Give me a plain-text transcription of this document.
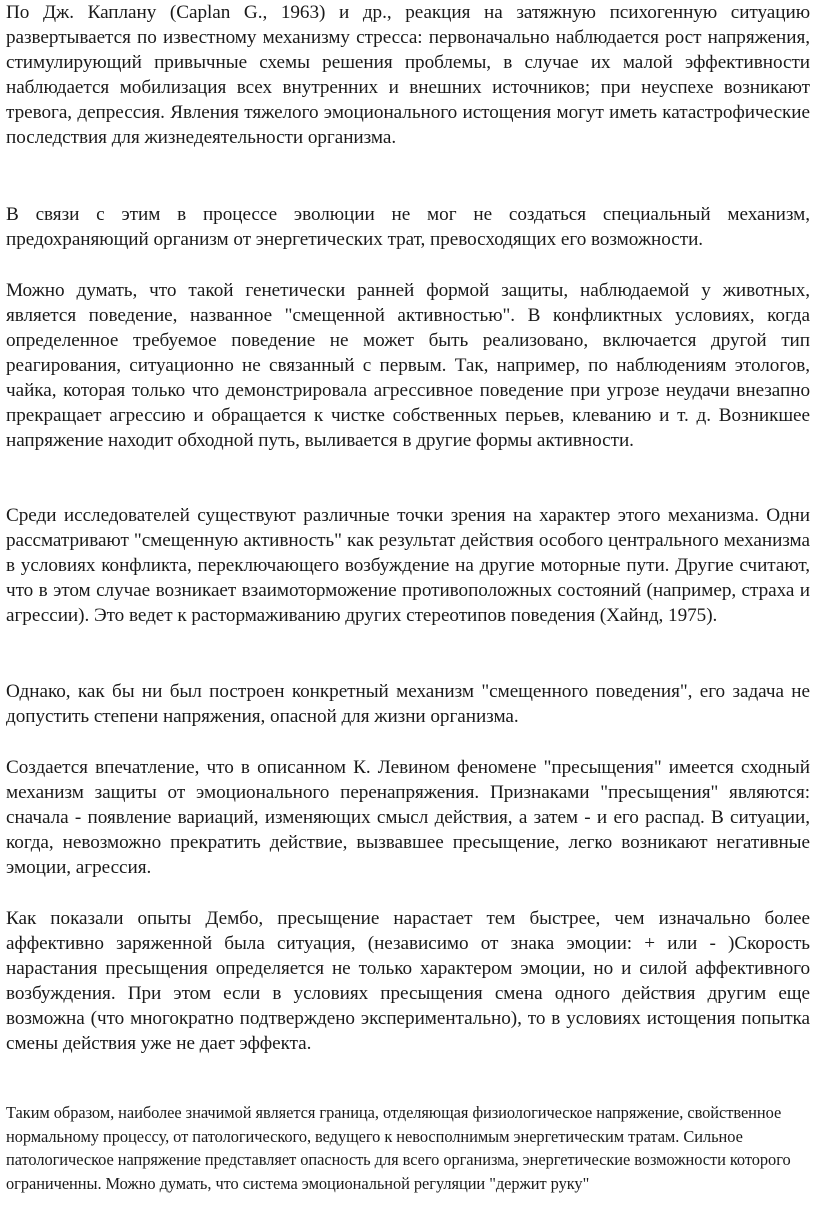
По Дж. Каплану (Caplan G., 1963) и др., реакция на затяжную психогенную ситуацию развертывается по известному механизму стресса: первоначально наблюдается рост напряжения, стимулирующий привычные схемы решения проблемы, в случае их малой эффективности наблюдается мобилизация всех внутренних и внешних источников; при неуспехе возникают тревога, депрессия. Явления тяжелого эмоционального истощения могут иметь катастрофические последствия для жизнедеятельности организма.

В связи с этим в процессе эволюции не мог не создаться специальный механизм, предохраняющий организм от энергетических трат, превосходящих его возможности.

Можно думать, что такой генетически ранней формой защиты, наблюдаемой у животных, является поведение, названное "смещенной активностью". В конфликтных условиях, когда определенное требуемое поведение не может быть реализовано, включается другой тип реагирования, ситуационно не связанный с первым. Так, например, по наблюдениям этологов, чайка, которая только что демонстрировала агрессивное поведение при угрозе неудачи внезапно прекращает агрессию и обращается к чистке собственных перьев, клеванию и т. д. Возникшее напряжение находит обходной путь, выливается в другие формы активности.

Среди исследователей существуют различные точки зрения на характер этого механизма. Одни рассматривают "смещенную активность" как результат действия особого центрального механизма в условиях конфликта, переключающего возбуждение на другие моторные пути. Другие считают, что в этом случае возникает взаимоторможение противоположных состояний (например, страха и агрессии). Это ведет к растормаживанию других стереотипов поведения (Хайнд, 1975).

Однако, как бы ни был построен конкретный механизм "смещенного поведения", его задача не допустить степени напряжения, опасной для жизни организма.

Создается впечатление, что в описанном К. Левином феномене "пресыщения" имеется сходный механизм защиты от эмоционального перенапряжения. Признаками "пресыщения" являются: сначала - появление вариаций, изменяющих смысл действия, а затем - и его распад. В ситуации, когда, невозможно прекратить действие, вызвавшее пресыщение, легко возникают негативные эмоции, агрессия.

Как показали опыты Дембо, пресыщение нарастает тем быстрее, чем изначально более аффективно заряженной была ситуация, (независимо от знака эмоции: + или - )Скорость нарастания пресыщения определяется не только характером эмоции, но и силой аффективного возбуждения. При этом если в условиях пресыщения смена одного действия другим еще возможна (что многократно подтверждено экспериментально), то в условиях истощения попытка смены действия уже не дает эффекта.

Таким образом, наиболее значимой является граница, отделяющая физиологическое напряжение, свойственное нормальному процессу, от патологического, ведущего к невосполнимым энергетическим тратам. Сильное патологическое напряжение представляет опасность для всего организма, энергетические возможности которого ограниченны. Можно думать, что система эмоциональной регуляции "держит руку"
